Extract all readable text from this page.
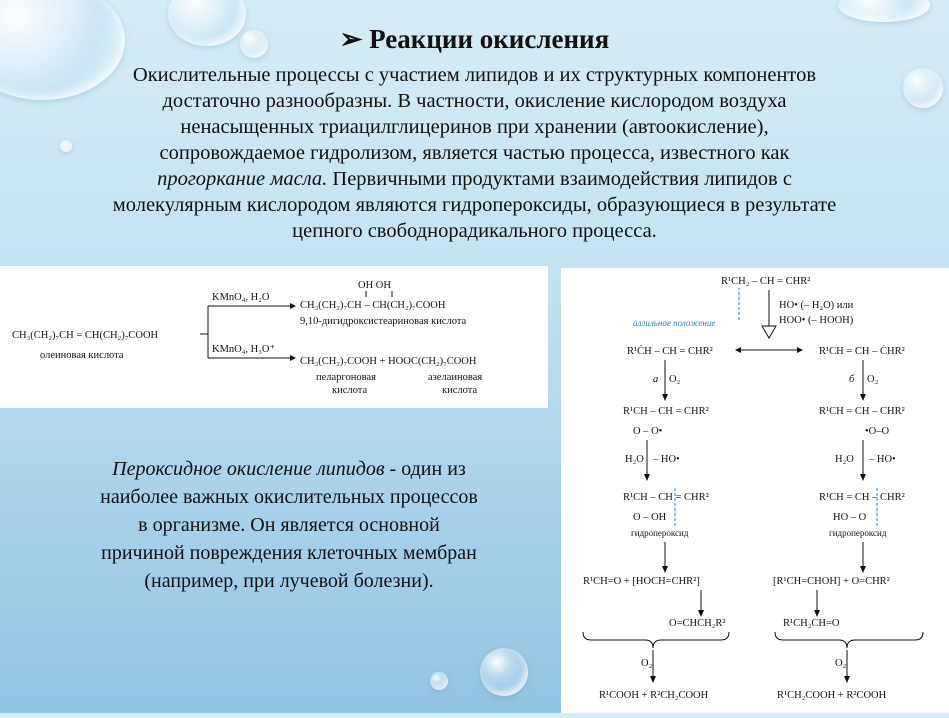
➢ Реакции окисления
Окислительные процессы с участием липидов и их структурных компонентов
достаточно разнообразны. В частности, окисление кислородом воздуха
ненасыщенных триацилглицеринов при хранении (автоокисление),
сопровождаемое гидролизом, является частью процесса, известного как
прогоркание масла. Первичными продуктами взаимодействия липидов с
молекулярным кислородом являются гидропероксиды, образующиеся в результате
цепного свободнорадикального процесса.
CH₃(CH₂)₇CH = CH(CH₂)₇COOH
олеиновая кислота
KMnO₄, H₂O
KMnO₄, H₃O⁺
OH OH
CH₃(CH₂)₇CH – CH(CH₂)₇COOH
9,10-дигидроксистеариновая кислота
CH₃(CH₂)₇COOH + HOOC(CH₂)₇COOH
пеларгоновая
кислота
азелаиновая
кислота
R¹CH₂ – CH = CHR²
HO• (– H₂O) или
HOO• (– HOOH)
аллильное положение
R¹ĊH – CH = CHR²	R¹CH = CH – ĊHR²
а O₂	б O₂
R¹CH – CH = CHR²
O – O•
R¹CH = CH – CHR²
•O–O
H₂O – HO•	H₂O – HO•
R¹CH – CH = CHR²
O – OH
R¹CH = CH – CHR²
HO – O
гидропероксид	гидропероксид
R¹CH=O + [HOCH=CHR²]	[R¹CH=CHOH] + O=CHR²
O=CHCH₂R²	R¹CH₂CH=O
O₂	O₂
R¹COOH + R²CH₂COOH	R¹CH₂COOH + R²COOH
Пероксидное окисление липидов - один из
наиболее важных окислительных процессов
в организме. Он является основной
причиной повреждения клеточных мембран
(например, при лучевой болезни).
